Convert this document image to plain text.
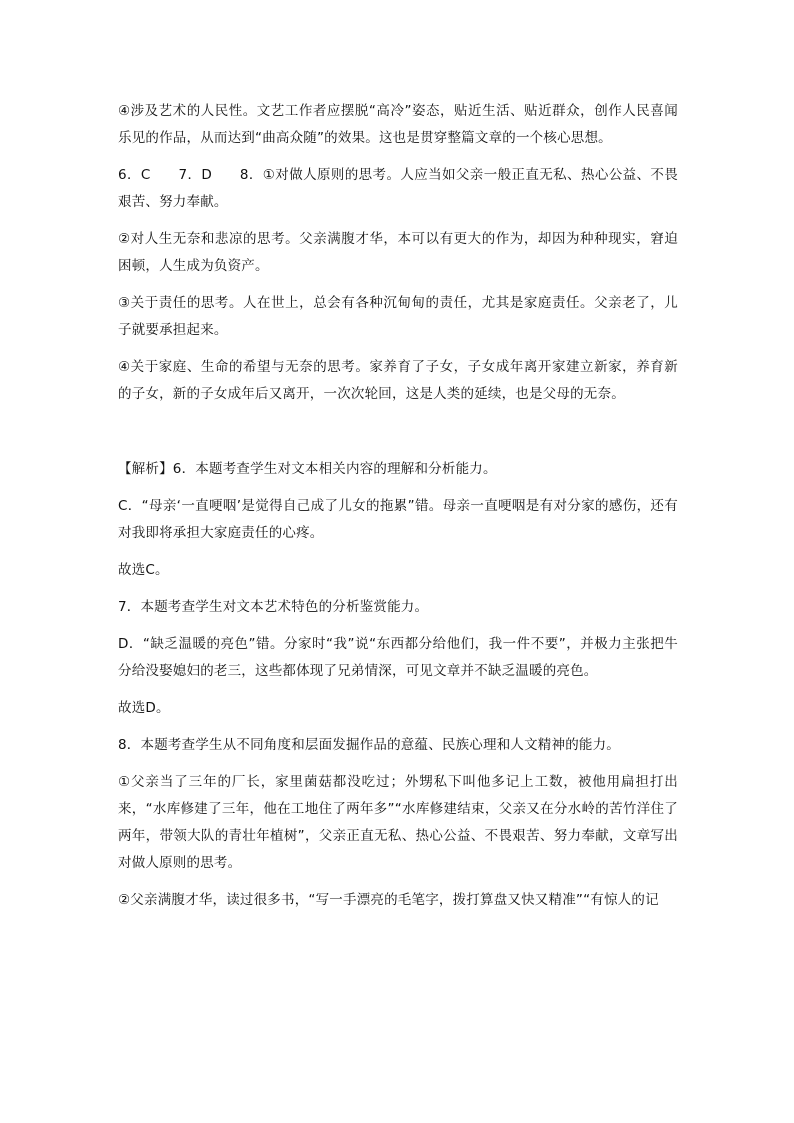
④涉及艺术的人民性。文艺工作者应摆脱“高冷”姿态，贴近生活、贴近群众，创作人民喜闻乐见的作品，从而达到“曲高众随”的效果。这也是贯穿整篇文章的一个核心思想。

6．C　　7．D　　8．①对做人原则的思考。人应当如父亲一般正直无私、热心公益、不畏艰苦、努力奉献。

②对人生无奈和悲凉的思考。父亲满腹才华，本可以有更大的作为，却因为种种现实，窘迫困顿，人生成为负资产。

③关于责任的思考。人在世上，总会有各种沉甸甸的责任，尤其是家庭责任。父亲老了，儿子就要承担起来。

④关于家庭、生命的希望与无奈的思考。家养育了子女，子女成年离开家建立新家，养育新的子女，新的子女成年后又离开，一次次轮回，这是人类的延续，也是父母的无奈。

【解析】6．本题考查学生对文本相关内容的理解和分析能力。

C．“母亲‘一直哽咽’是觉得自己成了儿女的拖累”错。母亲一直哽咽是有对分家的感伤，还有对我即将承担大家庭责任的心疼。

故选C。

7．本题考查学生对文本艺术特色的分析鉴赏能力。

D．“缺乏温暖的亮色”错。分家时“我”说“东西都分给他们，我一件不要”，并极力主张把牛分给没娶媳妇的老三，这些都体现了兄弟情深，可见文章并不缺乏温暖的亮色。

故选D。

8．本题考查学生从不同角度和层面发掘作品的意蕴、民族心理和人文精神的能力。

①父亲当了三年的厂长，家里菌菇都没吃过；外甥私下叫他多记上工数，被他用扁担打出来，“水库修建了三年，他在工地住了两年多”“水库修建结束，父亲又在分水岭的苦竹洋住了两年，带领大队的青壮年植树”，父亲正直无私、热心公益、不畏艰苦、努力奉献，文章写出对做人原则的思考。

②父亲满腹才华，读过很多书，“写一手漂亮的毛笔字，拨打算盘又快又精准”“有惊人的记
